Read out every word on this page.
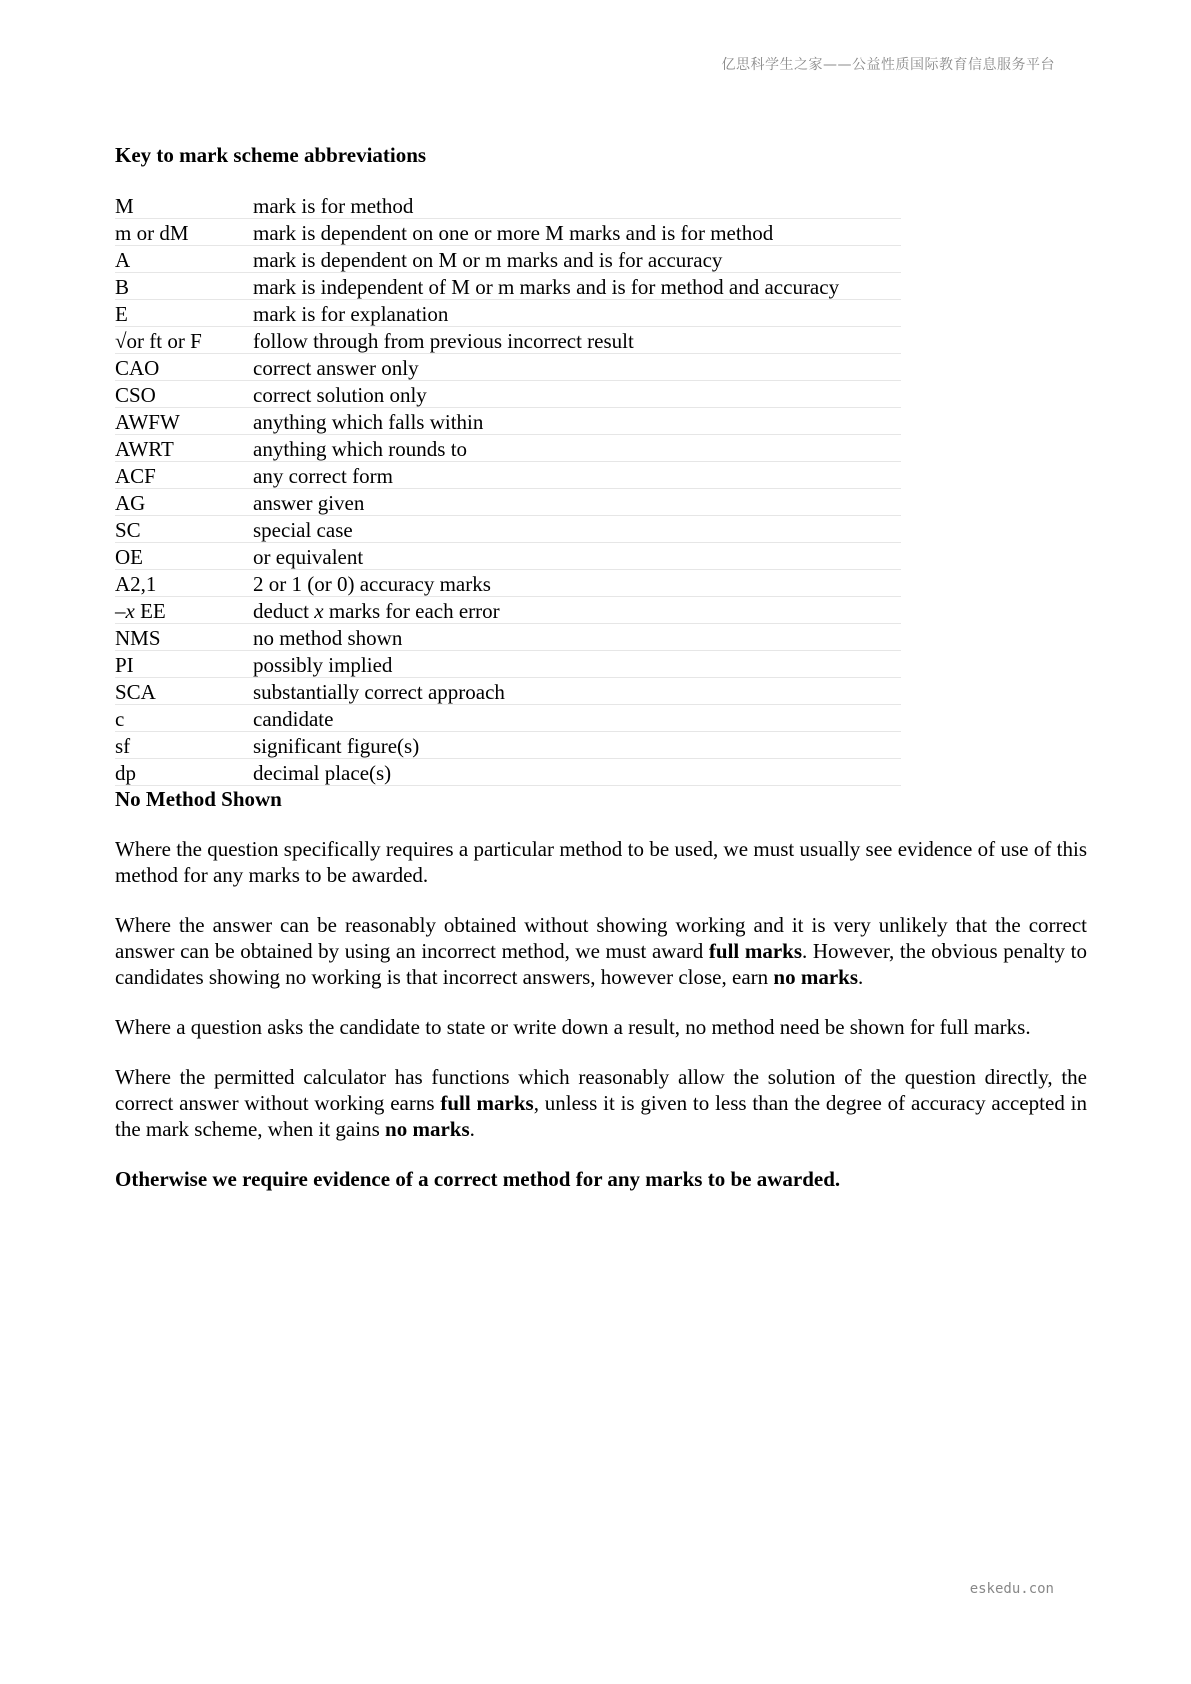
亿思科学生之家——公益性质国际教育信息服务平台
Key to mark scheme abbreviations
M	mark is for method
m or dM	mark is dependent on one or more M marks and is for method
A	mark is dependent on M or m marks and is for accuracy
B	mark is independent of M or m marks and is for method and accuracy
E	mark is for explanation
√or ft or F	follow through from previous incorrect result
CAO	correct answer only
CSO	correct solution only
AWFW	anything which falls within
AWRT	anything which rounds to
ACF	any correct form
AG	answer given
SC	special case
OE	or equivalent
A2,1	2 or 1 (or 0) accuracy marks
–x EE	deduct x marks for each error
NMS	no method shown
PI	possibly implied
SCA	substantially correct approach
c	candidate
sf	significant figure(s)
dp	decimal place(s)
No Method Shown

Where the question specifically requires a particular method to be used, we must usually see evidence of use of this method for any marks to be awarded.

Where the answer can be reasonably obtained without showing working and it is very unlikely that the correct answer can be obtained by using an incorrect method, we must award full marks. However, the obvious penalty to candidates showing no working is that incorrect answers, however close, earn no marks.

Where a question asks the candidate to state or write down a result, no method need be shown for full marks.

Where the permitted calculator has functions which reasonably allow the solution of the question directly, the correct answer without working earns full marks, unless it is given to less than the degree of accuracy accepted in the mark scheme, when it gains no marks.

Otherwise we require evidence of a correct method for any marks to be awarded.

eskedu.con
